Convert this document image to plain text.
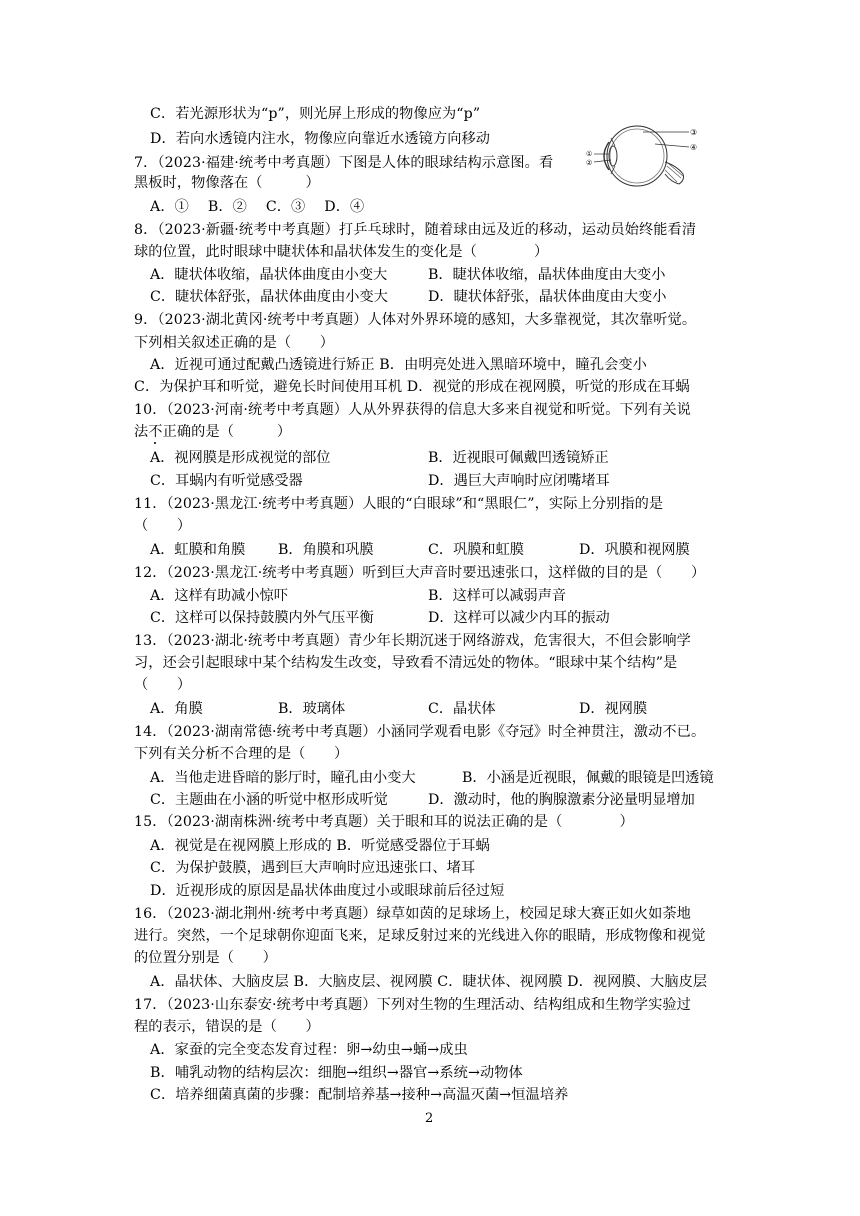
C．若光源形状为“p”，则光屏上形成的物像应为“p”
D．若向水透镜内注水，物像应向靠近水透镜方向移动
7．（2023·福建·统考中考真题）下图是人体的眼球结构示意图。看
黑板时，物像落在（　　　）
A．①　 B．②　 C．③　 D．④
③
④
①
②
8．（2023·新疆·统考中考真题）打乒乓球时，随着球由远及近的移动，运动员始终能看清
球的位置，此时眼球中睫状体和晶状体发生的变化是（　　　　）
A．睫状体收缩，晶状体曲度由小变大	B．睫状体收缩，晶状体曲度由大变小
C．睫状体舒张，晶状体曲度由小变大	D．睫状体舒张，晶状体曲度由大变小
9．（2023·湖北黄冈·统考中考真题）人体对外界环境的感知，大多靠视觉，其次靠听觉。
下列相关叙述正确的是（　　）
A．近视可通过配戴凸透镜进行矫正 B．由明亮处进入黑暗环境中，瞳孔会变小
C．为保护耳和听觉，避免长时间使用耳机 D．视觉的形成在视网膜，听觉的形成在耳蜗
10．（2023·河南·统考中考真题）人从外界获得的信息大多来自视觉和听觉。下列有关说
法不正确的是（　　　）
A．视网膜是形成视觉的部位	B．近视眼可佩戴凹透镜矫正
C．耳蜗内有听觉感受器	D．遇巨大声响时应闭嘴堵耳
11．（2023·黑龙江·统考中考真题）人眼的“白眼球”和“黑眼仁”，实际上分别指的是
（　　）
A．虹膜和角膜 B．角膜和巩膜	C．巩膜和虹膜	D．巩膜和视网膜
12．（2023·黑龙江·统考中考真题）听到巨大声音时要迅速张口，这样做的目的是（　　）
A．这样有助减小惊吓	B．这样可以减弱声音
C．这样可以保持鼓膜内外气压平衡	D．这样可以减少内耳的振动
13．（2023·湖北·统考中考真题）青少年长期沉迷于网络游戏，危害很大，不但会影响学
习，还会引起眼球中某个结构发生改变，导致看不清远处的物体。“眼球中某个结构”是
（　　）
A．角膜	B．玻璃体	C．晶状体	D．视网膜
14．（2023·湖南常德·统考中考真题）小涵同学观看电影《夺冠》时全神贯注，激动不已。
下列有关分析不合理的是（　　）
A．当他走进昏暗的影厅时，瞳孔由小变大	B．小涵是近视眼，佩戴的眼镜是凹透镜
C．主题曲在小涵的听觉中枢形成听觉	D．激动时，他的胸腺激素分泌量明显增加
15．（2023·湖南株洲·统考中考真题）关于眼和耳的说法正确的是（　　　　）
A．视觉是在视网膜上形成的 B．听觉感受器位于耳蜗
C．为保护鼓膜，遇到巨大声响时应迅速张口、堵耳
D．近视形成的原因是晶状体曲度过小或眼球前后径过短
16．（2023·湖北荆州·统考中考真题）绿草如茵的足球场上，校园足球大赛正如火如荼地
进行。突然，一个足球朝你迎面飞来，足球反射过来的光线进入你的眼睛，形成物像和视觉
的位置分别是（　　）
A．晶状体、大脑皮层 B．大脑皮层、视网膜 C．睫状体、视网膜 D．视网膜、大脑皮层
17．（2023·山东泰安·统考中考真题）下列对生物的生理活动、结构组成和生物学实验过
程的表示，错误的是（　　）
A．家蚕的完全变态发育过程：卵→幼虫→蛹→成虫
B．哺乳动物的结构层次：细胞→组织→器官→系统→动物体
C．培养细菌真菌的步骤：配制培养基→接种→高温灭菌→恒温培养
2
